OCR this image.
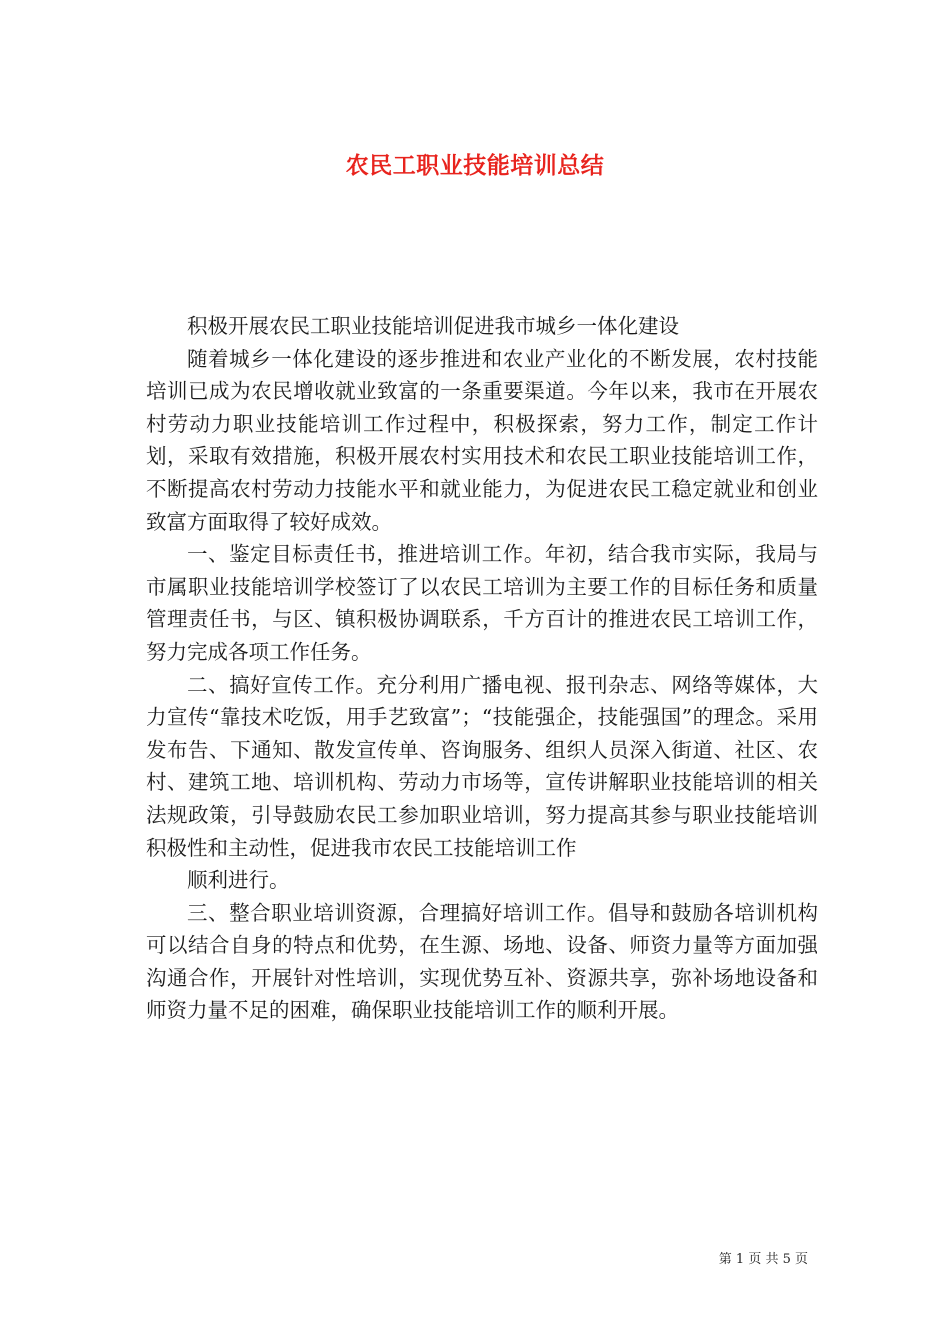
农民工职业技能培训总结

积极开展农民工职业技能培训促进我市城乡一体化建设

随着城乡一体化建设的逐步推进和农业产业化的不断发展，农村技能培训已成为农民增收就业致富的一条重要渠道。今年以来，我市在开展农村劳动力职业技能培训工作过程中，积极探索，努力工作，制定工作计划，采取有效措施，积极开展农村实用技术和农民工职业技能培训工作，不断提高农村劳动力技能水平和就业能力，为促进农民工稳定就业和创业致富方面取得了较好成效。

一、鉴定目标责任书，推进培训工作。年初，结合我市实际，我局与市属职业技能培训学校签订了以农民工培训为主要工作的目标任务和质量管理责任书，与区、镇积极协调联系，千方百计的推进农民工培训工作，努力完成各项工作任务。

二、搞好宣传工作。充分利用广播电视、报刊杂志、网络等媒体，大力宣传“靠技术吃饭，用手艺致富”；“技能强企，技能强国”的理念。采用发布告、下通知、散发宣传单、咨询服务、组织人员深入街道、社区、农村、建筑工地、培训机构、劳动力市场等，宣传讲解职业技能培训的相关法规政策，引导鼓励农民工参加职业培训，努力提高其参与职业技能培训积极性和主动性，促进我市农民工技能培训工作

顺利进行。

三、整合职业培训资源，合理搞好培训工作。倡导和鼓励各培训机构可以结合自身的特点和优势，在生源、场地、设备、师资力量等方面加强沟通合作，开展针对性培训，实现优势互补、资源共享，弥补场地设备和师资力量不足的困难，确保职业技能培训工作的顺利开展。

第 1 页 共 5 页
